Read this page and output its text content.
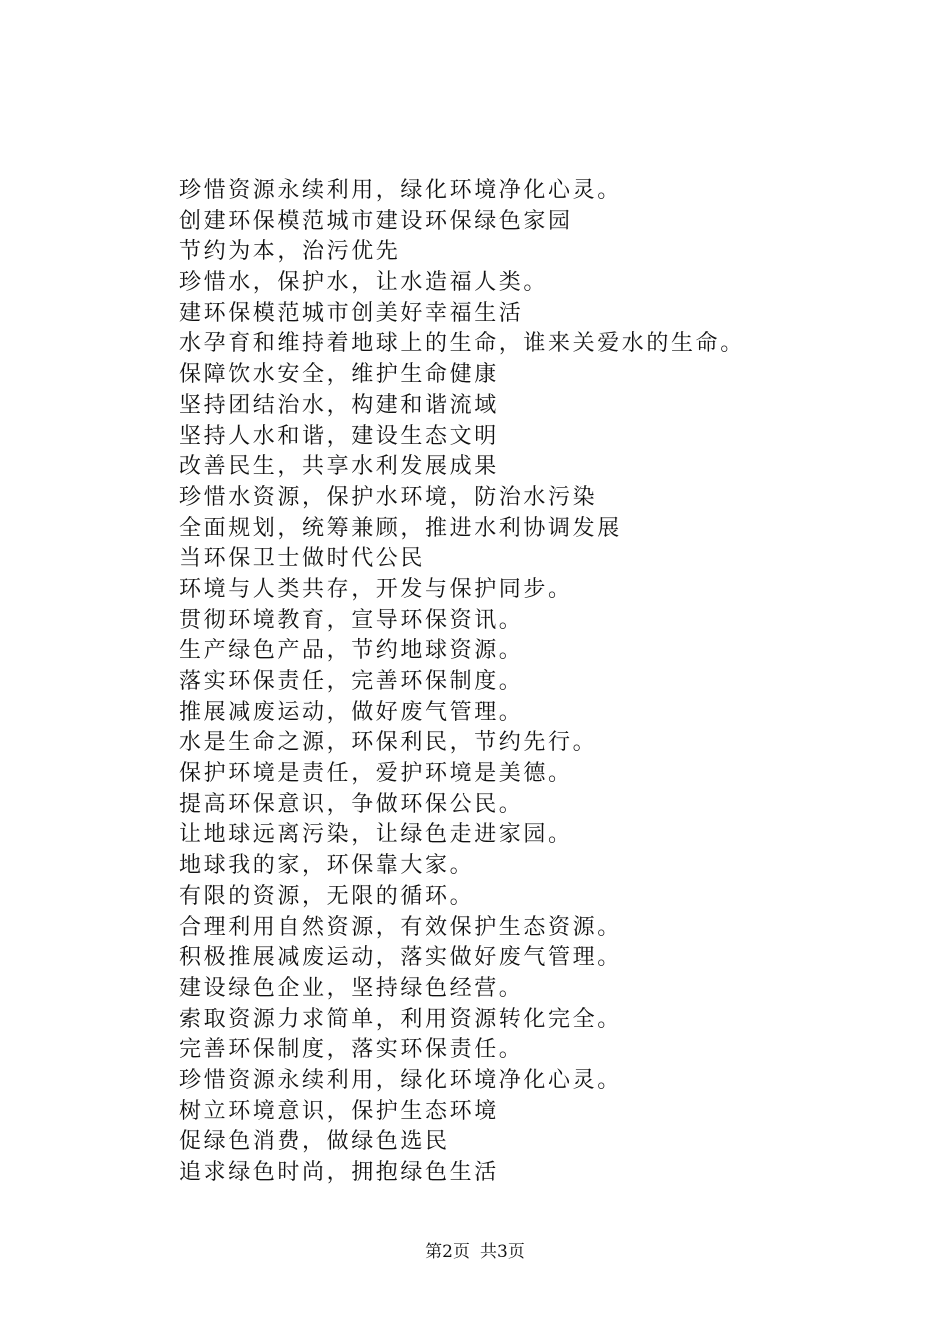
珍惜资源永续利用，绿化环境净化心灵。
创建环保模范城市建设环保绿色家园
节约为本，治污优先
珍惜水，保护水，让水造福人类。
建环保模范城市创美好幸福生活
水孕育和维持着地球上的生命，谁来关爱水的生命。
保障饮水安全，维护生命健康
坚持团结治水，构建和谐流域
坚持人水和谐，建设生态文明
改善民生，共享水利发展成果
珍惜水资源，保护水环境，防治水污染
全面规划，统筹兼顾，推进水利协调发展
当环保卫士做时代公民
环境与人类共存，开发与保护同步。
贯彻环境教育，宣导环保资讯。
生产绿色产品，节约地球资源。
落实环保责任，完善环保制度。
推展减废运动，做好废气管理。
水是生命之源，环保利民，节约先行。
保护环境是责任，爱护环境是美德。
提高环保意识，争做环保公民。
让地球远离污染，让绿色走进家园。
地球我的家，环保靠大家。
有限的资源，无限的循环。
合理利用自然资源，有效保护生态资源。
积极推展减废运动，落实做好废气管理。
建设绿色企业，坚持绿色经营。
索取资源力求简单，利用资源转化完全。
完善环保制度，落实环保责任。
珍惜资源永续利用，绿化环境净化心灵。
树立环境意识，保护生态环境
促绿色消费，做绿色选民
追求绿色时尚，拥抱绿色生活
第2页 共3页
